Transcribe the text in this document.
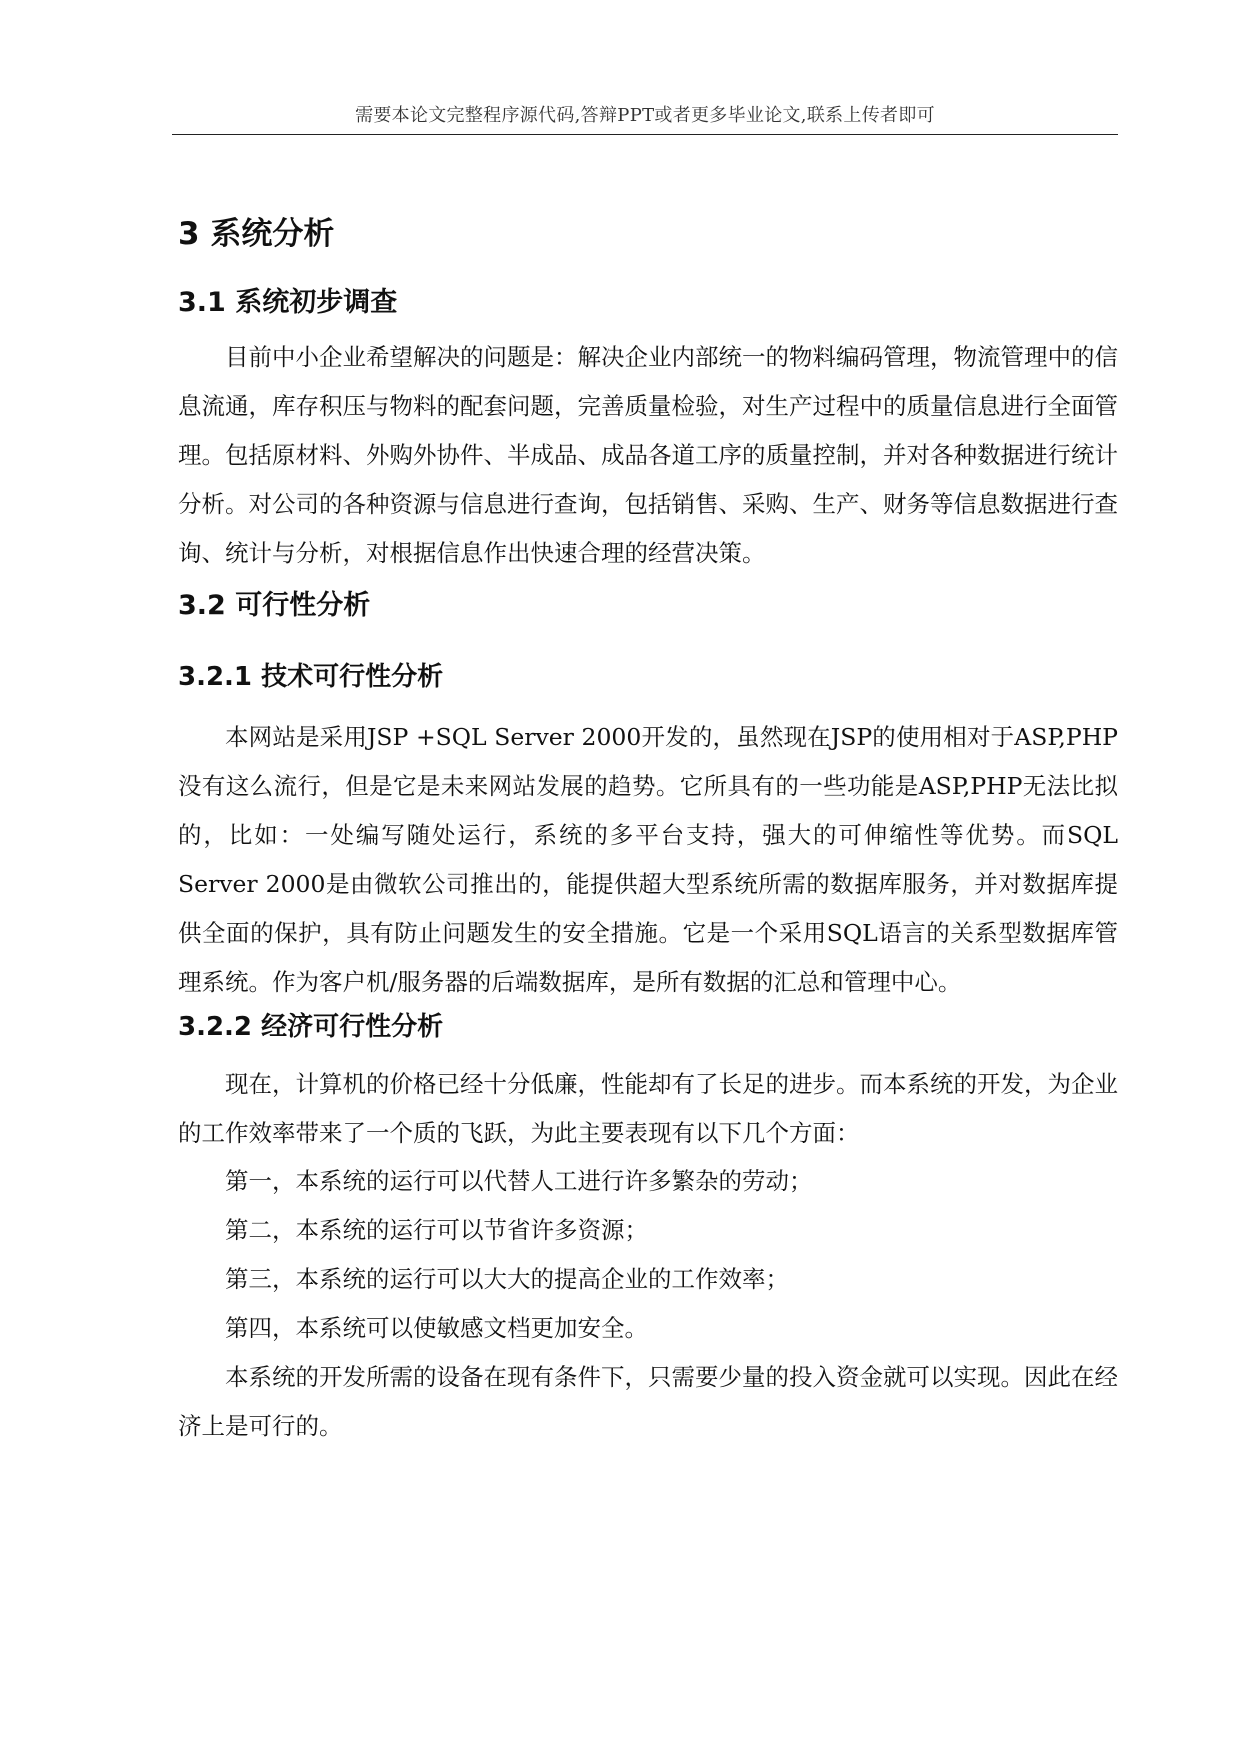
需要本论文完整程序源代码,答辩PPT或者更多毕业论文,联系上传者即可
3 系统分析
3.1 系统初步调查
目前中小企业希望解决的问题是：解决企业内部统一的物料编码管理，物流管理中的信息流通，库存积压与物料的配套问题，完善质量检验，对生产过程中的质量信息进行全面管理。包括原材料、外购外协件、半成品、成品各道工序的质量控制，并对各种数据进行统计分析。对公司的各种资源与信息进行查询，包括销售、采购、生产、财务等信息数据进行查询、统计与分析，对根据信息作出快速合理的经营决策。
3.2 可行性分析
3.2.1 技术可行性分析
本网站是采用JSP +SQL Server 2000开发的，虽然现在JSP的使用相对于ASP,PHP没有这么流行，但是它是未来网站发展的趋势。它所具有的一些功能是ASP,PHP无法比拟的，比如：一处编写随处运行，系统的多平台支持，强大的可伸缩性等优势。而SQL Server 2000是由微软公司推出的，能提供超大型系统所需的数据库服务，并对数据库提供全面的保护，具有防止问题发生的安全措施。它是一个采用SQL语言的关系型数据库管理系统。作为客户机/服务器的后端数据库，是所有数据的汇总和管理中心。
3.2.2 经济可行性分析
现在，计算机的价格已经十分低廉，性能却有了长足的进步。而本系统的开发，为企业的工作效率带来了一个质的飞跃，为此主要表现有以下几个方面：
第一，本系统的运行可以代替人工进行许多繁杂的劳动；
第二，本系统的运行可以节省许多资源；
第三，本系统的运行可以大大的提高企业的工作效率；
第四，本系统可以使敏感文档更加安全。
本系统的开发所需的设备在现有条件下，只需要少量的投入资金就可以实现。因此在经济上是可行的。
